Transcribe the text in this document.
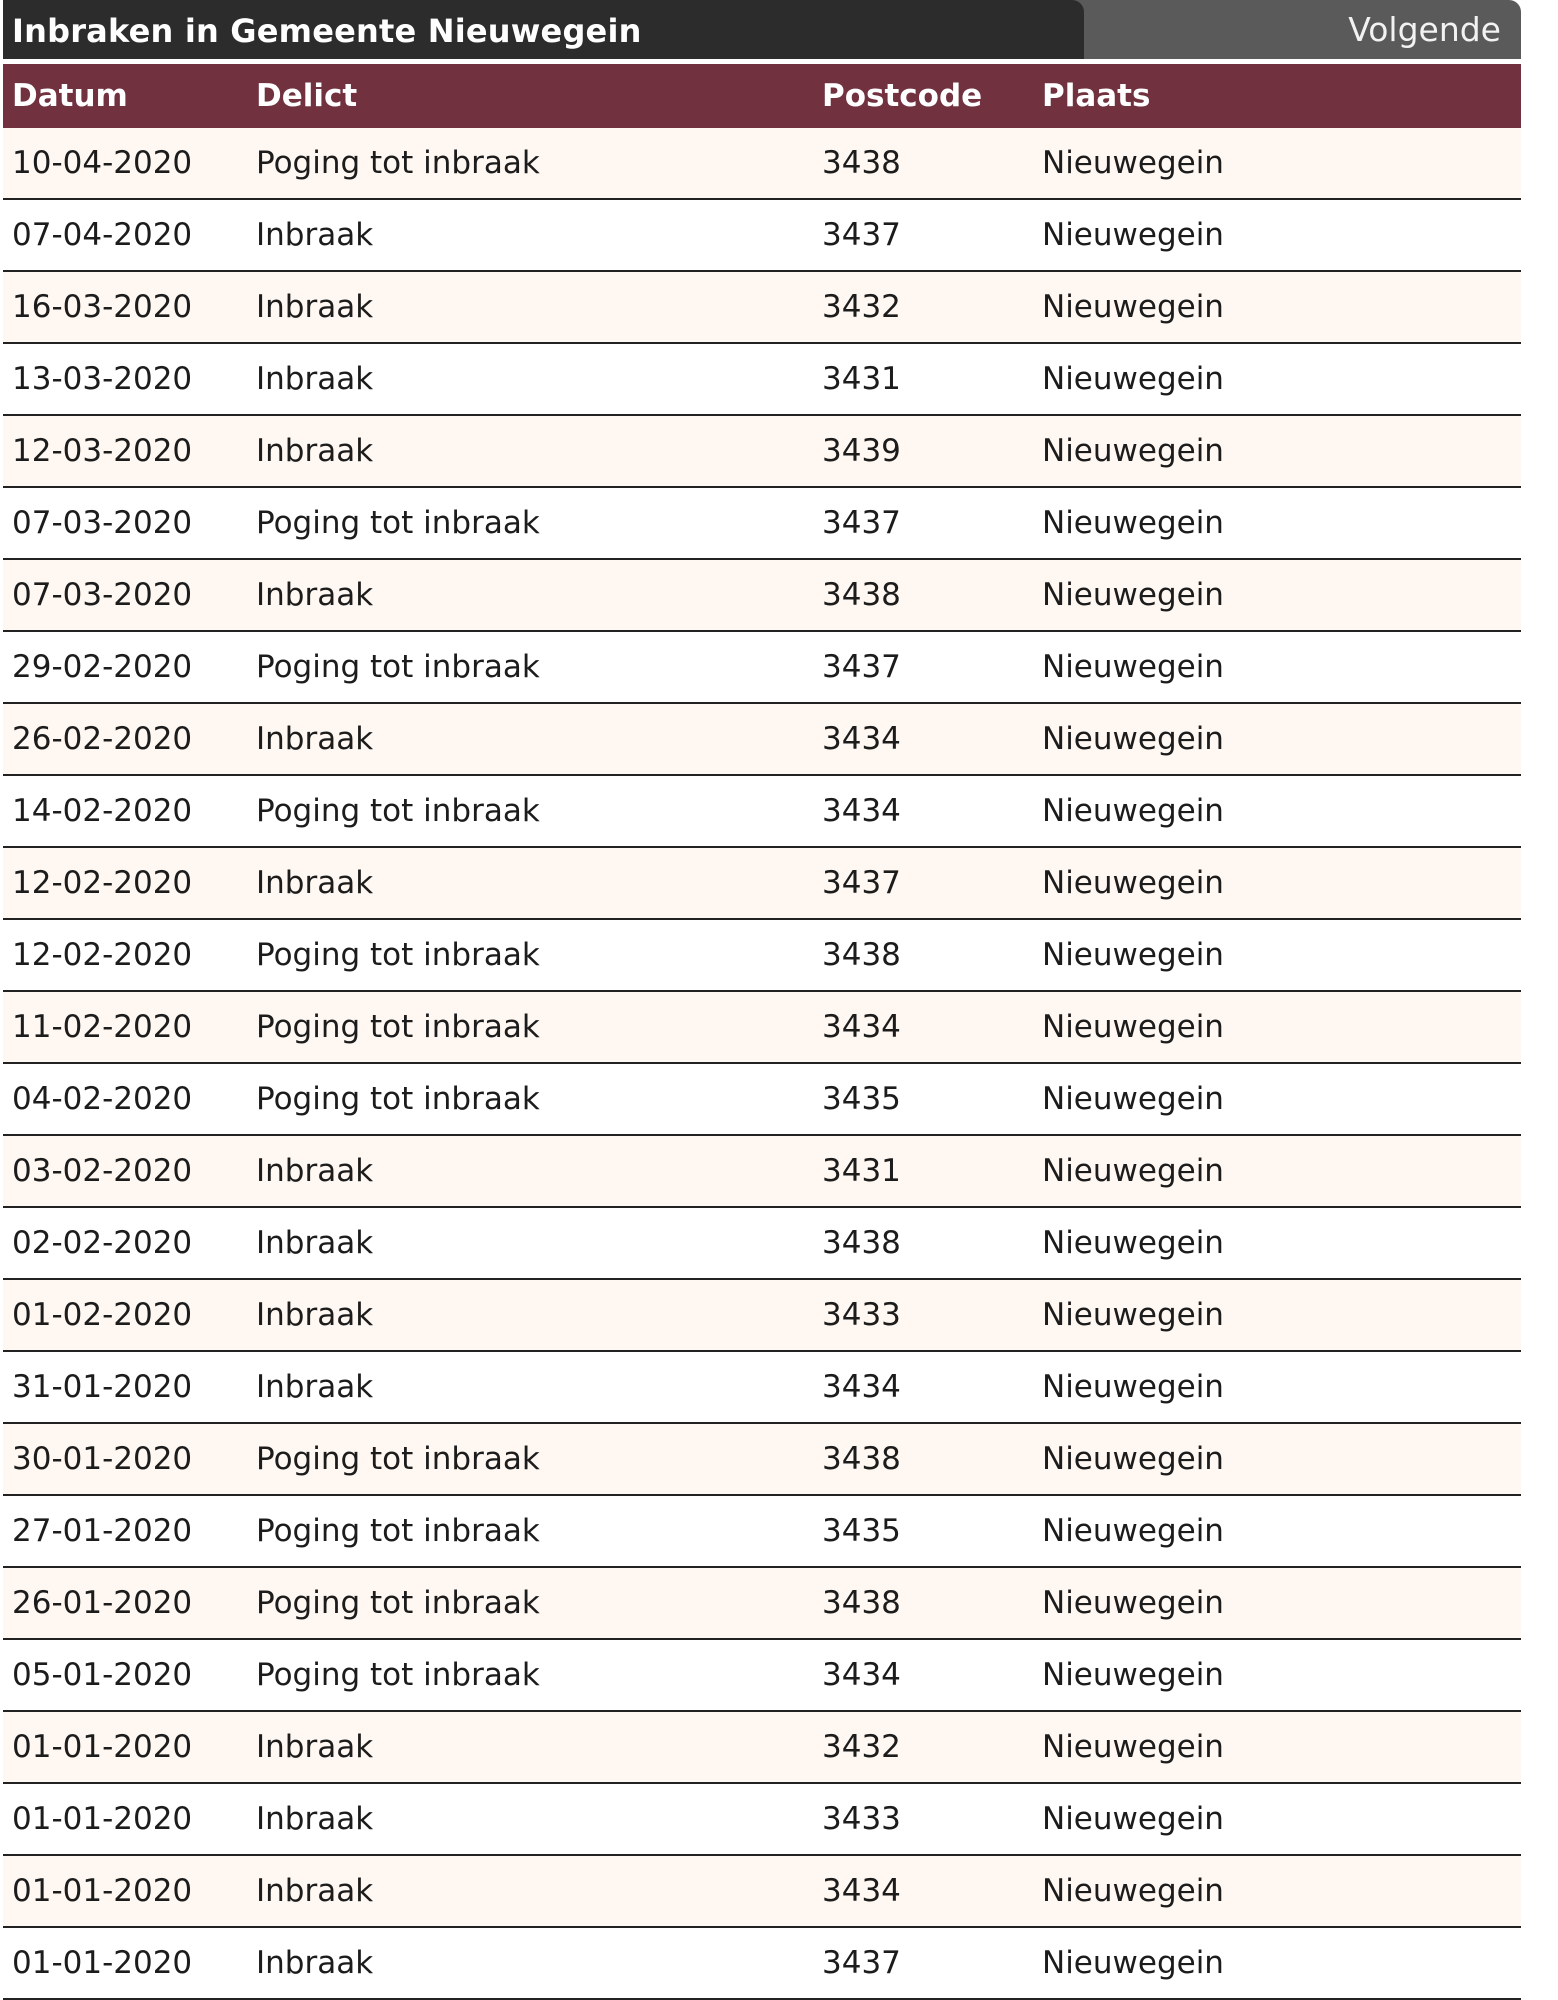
Inbraken in Gemeente Nieuwegein	Volgende
Datum	Delict	Postcode	Plaats
10-04-2020	Poging tot inbraak	3438	Nieuwegein
07-04-2020	Inbraak	3437	Nieuwegein
16-03-2020	Inbraak	3432	Nieuwegein
13-03-2020	Inbraak	3431	Nieuwegein
12-03-2020	Inbraak	3439	Nieuwegein
07-03-2020	Poging tot inbraak	3437	Nieuwegein
07-03-2020	Inbraak	3438	Nieuwegein
29-02-2020	Poging tot inbraak	3437	Nieuwegein
26-02-2020	Inbraak	3434	Nieuwegein
14-02-2020	Poging tot inbraak	3434	Nieuwegein
12-02-2020	Inbraak	3437	Nieuwegein
12-02-2020	Poging tot inbraak	3438	Nieuwegein
11-02-2020	Poging tot inbraak	3434	Nieuwegein
04-02-2020	Poging tot inbraak	3435	Nieuwegein
03-02-2020	Inbraak	3431	Nieuwegein
02-02-2020	Inbraak	3438	Nieuwegein
01-02-2020	Inbraak	3433	Nieuwegein
31-01-2020	Inbraak	3434	Nieuwegein
30-01-2020	Poging tot inbraak	3438	Nieuwegein
27-01-2020	Poging tot inbraak	3435	Nieuwegein
26-01-2020	Poging tot inbraak	3438	Nieuwegein
05-01-2020	Poging tot inbraak	3434	Nieuwegein
01-01-2020	Inbraak	3432	Nieuwegein
01-01-2020	Inbraak	3433	Nieuwegein
01-01-2020	Inbraak	3434	Nieuwegein
01-01-2020	Inbraak	3437	Nieuwegein
